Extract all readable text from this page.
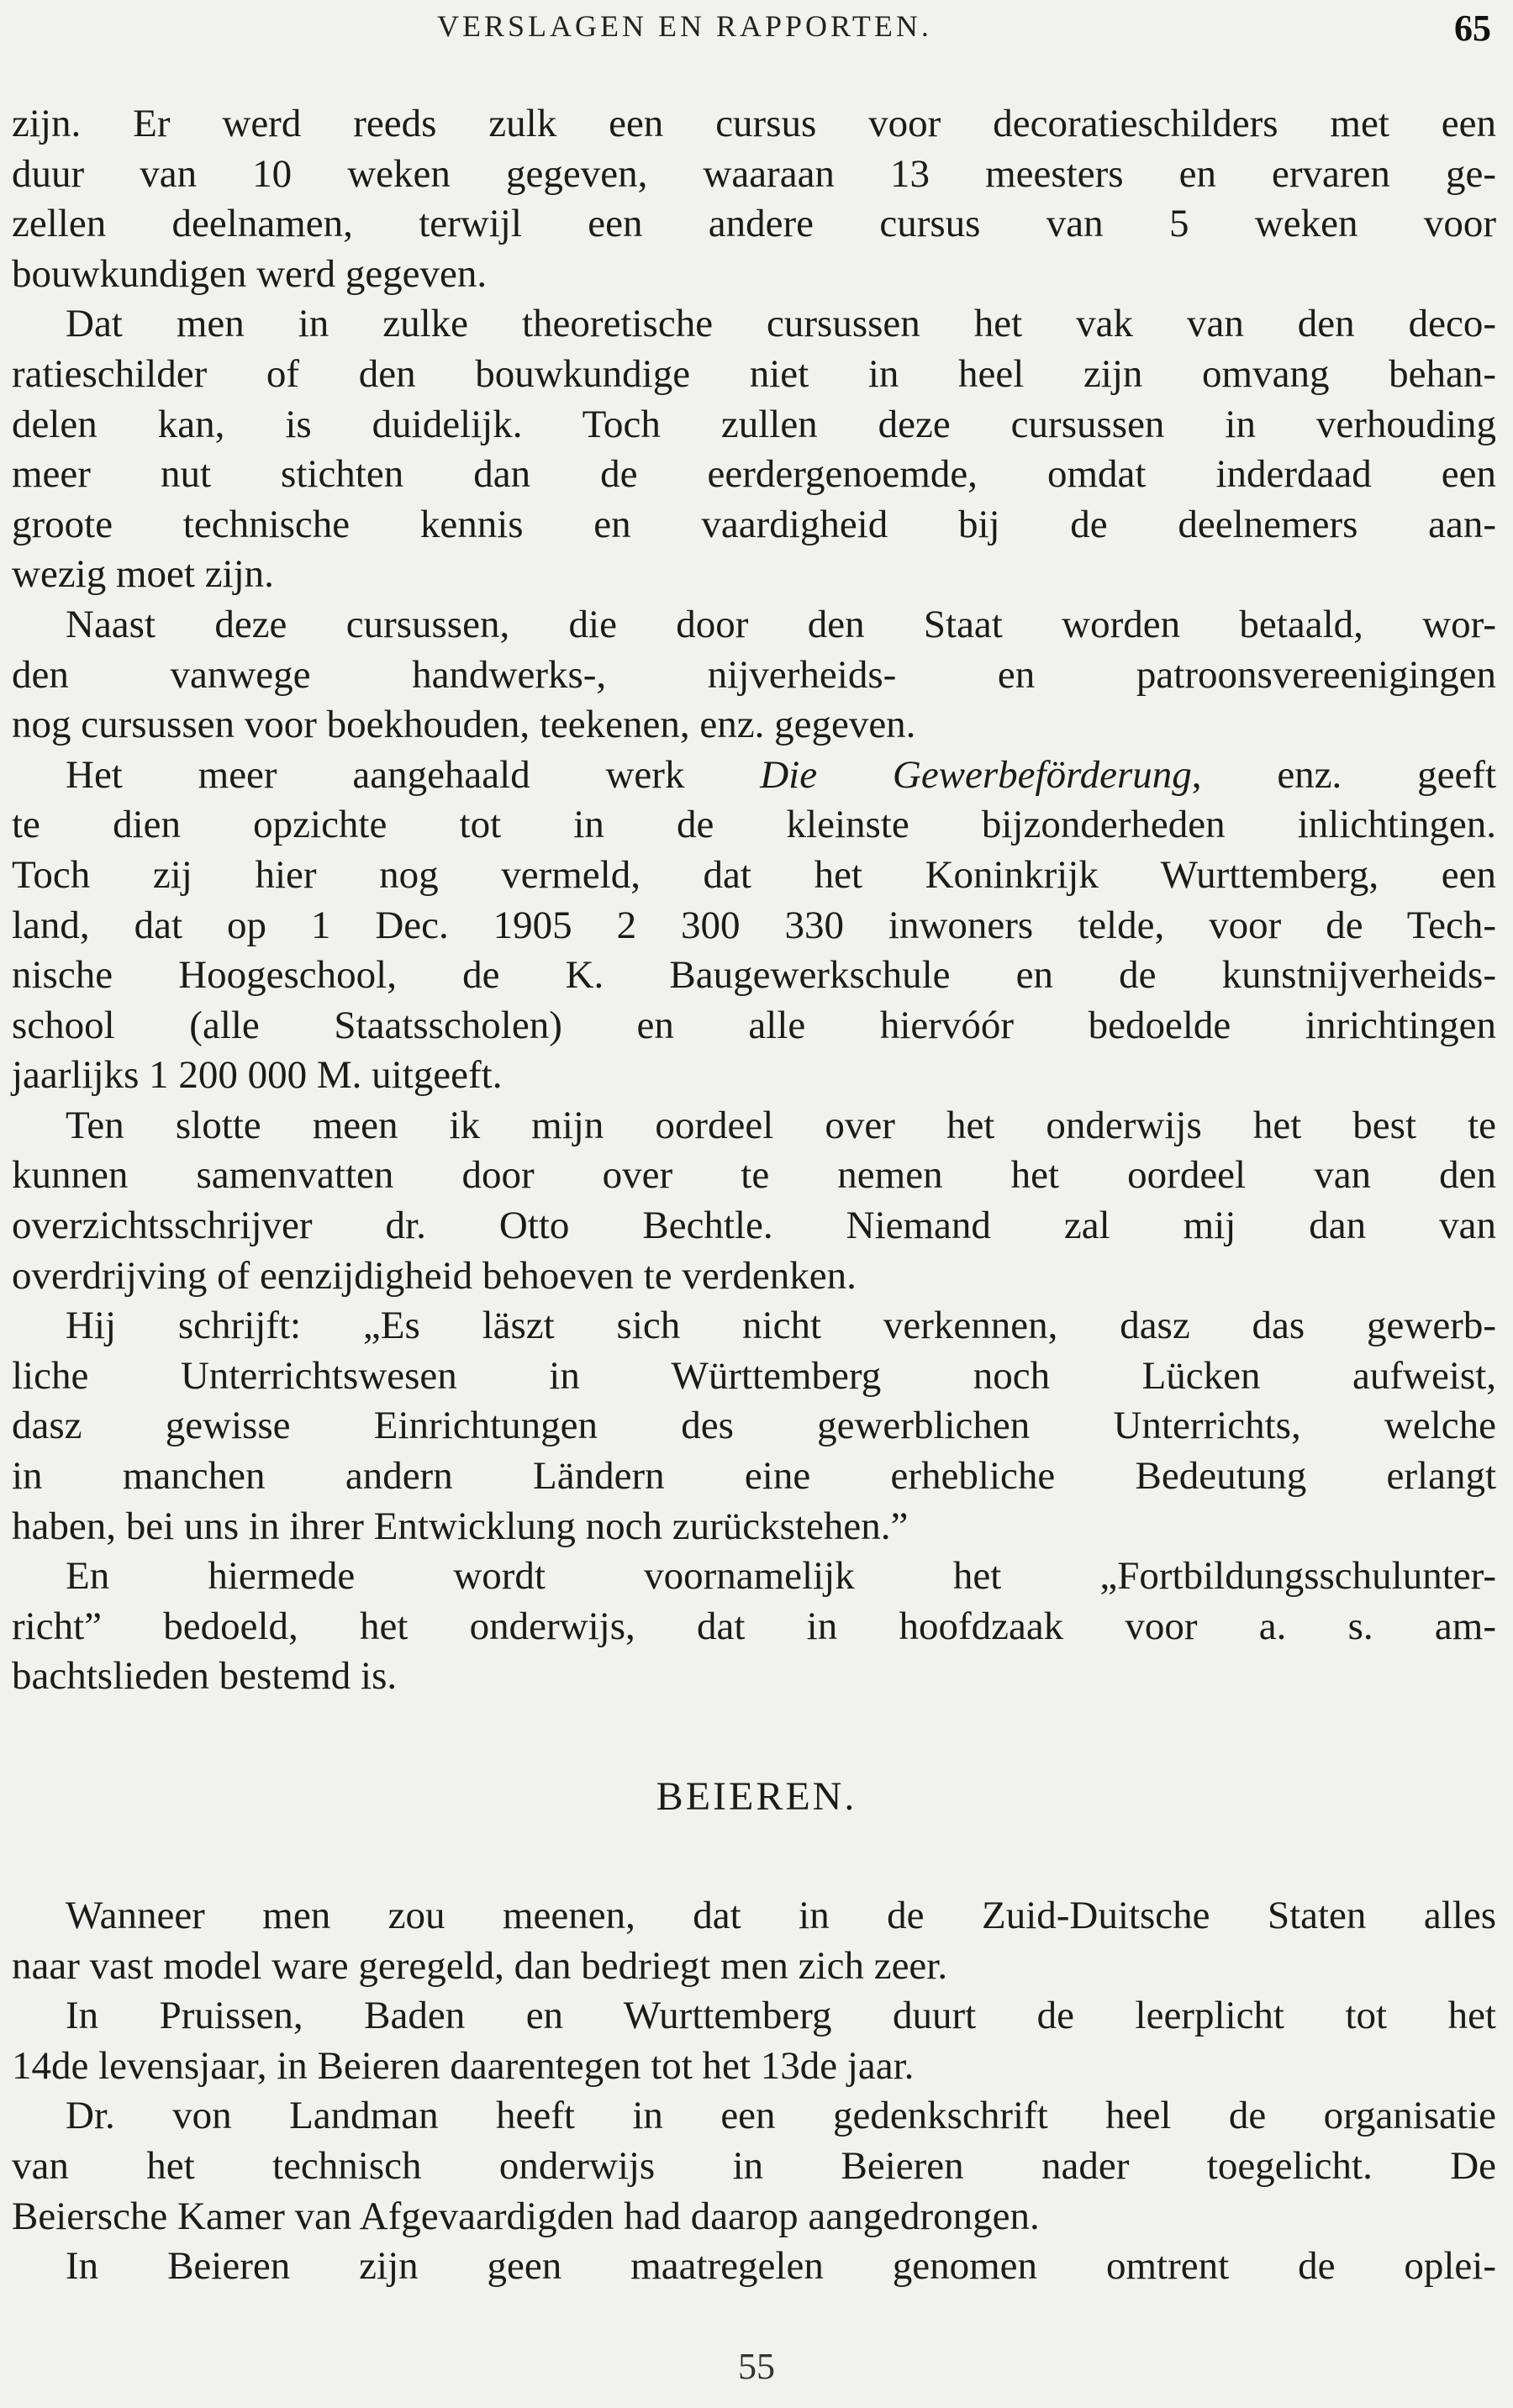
VERSLAGEN EN RAPPORTEN.	65
zijn. Er werd reeds zulk een cursus voor decoratieschilders met een
duur van 10 weken gegeven, waaraan 13 meesters en ervaren ge-
zellen deelnamen, terwijl een andere cursus van 5 weken voor
bouwkundigen werd gegeven.
Dat men in zulke theoretische cursussen het vak van den deco-
ratieschilder of den bouwkundige niet in heel zijn omvang behan-
delen kan, is duidelijk. Toch zullen deze cursussen in verhouding
meer nut stichten dan de eerdergenoemde, omdat inderdaad een
groote technische kennis en vaardigheid bij de deelnemers aan-
wezig moet zijn.
Naast deze cursussen, die door den Staat worden betaald, wor-
den vanwege handwerks-, nijverheids- en patroonsvereenigingen
nog cursussen voor boekhouden, teekenen, enz. gegeven.
Het meer aangehaald werk Die Gewerbeförderung, enz. geeft
te dien opzichte tot in de kleinste bijzonderheden inlichtingen.
Toch zij hier nog vermeld, dat het Koninkrijk Wurttemberg, een
land, dat op 1 Dec. 1905 2 300 330 inwoners telde, voor de Tech-
nische Hoogeschool, de K. Baugewerkschule en de kunstnijverheids-
school (alle Staatsscholen) en alle hiervóór bedoelde inrichtingen
jaarlijks 1 200 000 M. uitgeeft.
Ten slotte meen ik mijn oordeel over het onderwijs het best te
kunnen samenvatten door over te nemen het oordeel van den
overzichtsschrijver dr. Otto Bechtle. Niemand zal mij dan van
overdrijving of eenzijdigheid behoeven te verdenken.
Hij schrijft: „Es läszt sich nicht verkennen, dasz das gewerb-
liche Unterrichtswesen in Württemberg noch Lücken aufweist,
dasz gewisse Einrichtungen des gewerblichen Unterrichts, welche
in manchen andern Ländern eine erhebliche Bedeutung erlangt
haben, bei uns in ihrer Entwicklung noch zurückstehen.”
En hiermede wordt voornamelijk het „Fortbildungsschulunter-
richt” bedoeld, het onderwijs, dat in hoofdzaak voor a. s. am-
bachtslieden bestemd is.
BEIEREN.
Wanneer men zou meenen, dat in de Zuid-Duitsche Staten alles
naar vast model ware geregeld, dan bedriegt men zich zeer.
In Pruissen, Baden en Wurttemberg duurt de leerplicht tot het
14de levensjaar, in Beieren daarentegen tot het 13de jaar.
Dr. von Landman heeft in een gedenkschrift heel de organisatie
van het technisch onderwijs in Beieren nader toegelicht. De
Beiersche Kamer van Afgevaardigden had daarop aangedrongen.
In Beieren zijn geen maatregelen genomen omtrent de oplei-
55
